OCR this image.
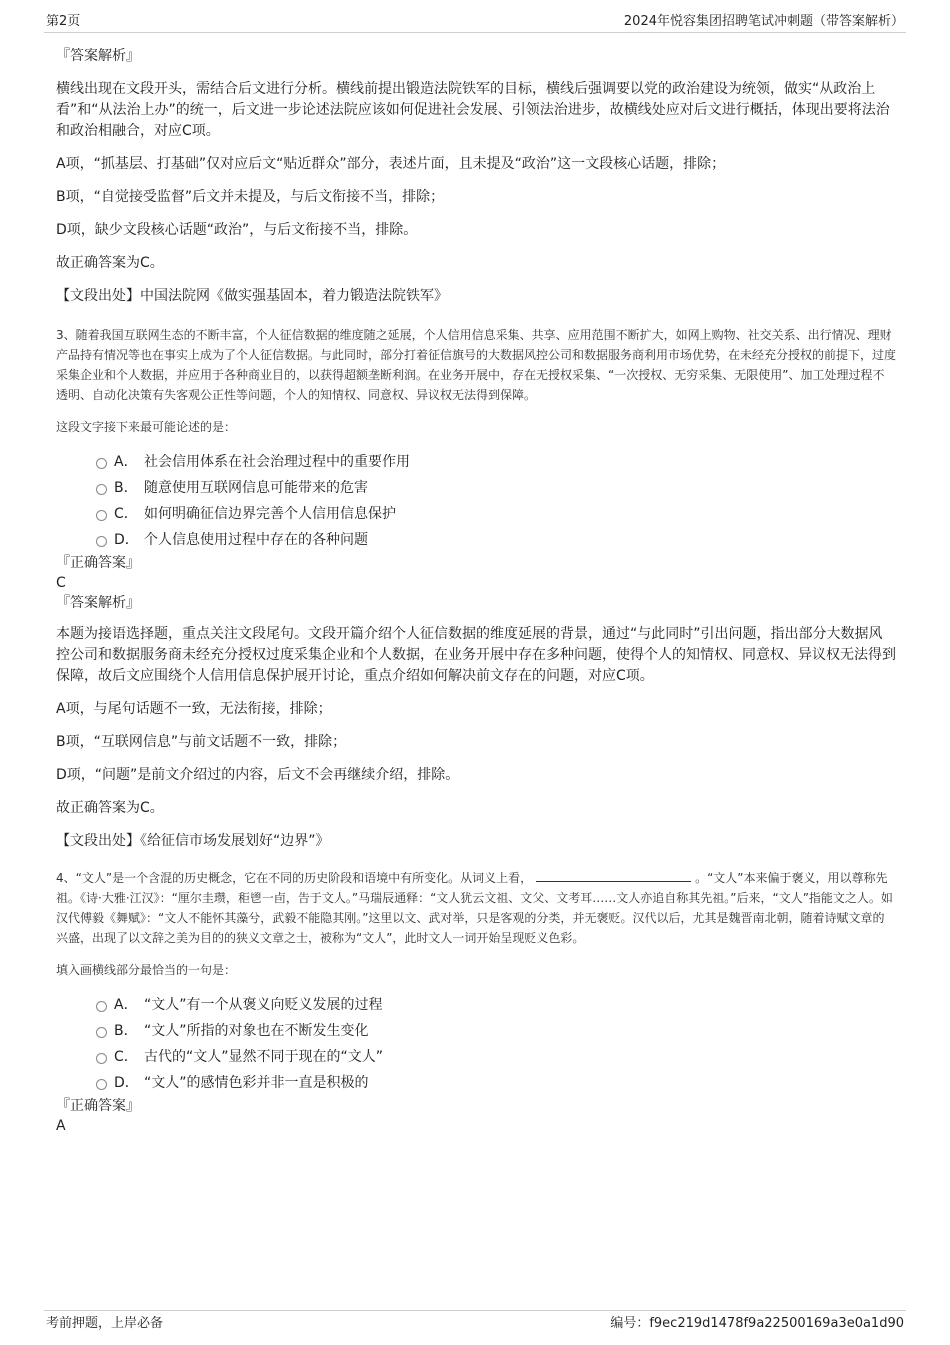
第2页	2024年悦容集团招聘笔试冲刺题（带答案解析）

『答案解析』

横线出现在文段开头，需结合后文进行分析。横线前提出锻造法院铁军的目标，横线后强调要以党的政治建设为统领，做实“从政治上看”和“从法治上办”的统一，后文进一步论述法院应该如何促进社会发展、引领法治进步，故横线处应对后文进行概括，体现出要将法治和政治相融合，对应C项。

A项，“抓基层、打基础”仅对应后文“贴近群众”部分，表述片面，且未提及“政治”这一文段核心话题，排除；

B项，“自觉接受监督”后文并未提及，与后文衔接不当，排除；

D项，缺少文段核心话题“政治”，与后文衔接不当，排除。

故正确答案为C。

【文段出处】中国法院网《做实强基固本，着力锻造法院铁军》

3、随着我国互联网生态的不断丰富，个人征信数据的维度随之延展，个人信用信息采集、共享、应用范围不断扩大，如网上购物、社交关系、出行情况、理财产品持有情况等也在事实上成为了个人征信数据。与此同时，部分打着征信旗号的大数据风控公司和数据服务商利用市场优势，在未经充分授权的前提下，过度采集企业和个人数据，并应用于各种商业目的，以获得超额垄断利润。在业务开展中，存在无授权采集、“一次授权、无穷采集、无限使用”、加工处理过程不透明、自动化决策有失客观公正性等问题，个人的知情权、同意权、异议权无法得到保障。

这段文字接下来最可能论述的是：

A． 社会信用体系在社会治理过程中的重要作用
B． 随意使用互联网信息可能带来的危害
C． 如何明确征信边界完善个人信用信息保护
D． 个人信息使用过程中存在的各种问题

『正确答案』

C

『答案解析』

本题为接语选择题，重点关注文段尾句。文段开篇介绍个人征信数据的维度延展的背景，通过“与此同时”引出问题，指出部分大数据风控公司和数据服务商未经充分授权过度采集企业和个人数据，在业务开展中存在多种问题，使得个人的知情权、同意权、异议权无法得到保障，故后文应围绕个人信用信息保护展开讨论，重点介绍如何解决前文存在的问题，对应C项。

A项，与尾句话题不一致，无法衔接，排除；

B项，“互联网信息”与前文话题不一致，排除；

D项，“问题”是前文介绍过的内容，后文不会再继续介绍，排除。

故正确答案为C。

【文段出处】《给征信市场发展划好“边界”》

4、“文人”是一个含混的历史概念，它在不同的历史阶段和语境中有所变化。从词义上看，	。“文人”本来偏于褒义，用以尊称先祖。《诗·大雅·江汉》：“厘尔圭瓒，秬鬯一卣，告于文人。”马瑞辰通释：“文人犹云文祖、文父、文考耳……文人亦追自称其先祖。”后来，“文人”指能文之人。如汉代傅毅《舞赋》：“文人不能怀其藻兮，武毅不能隐其刚。”这里以文、武对举，只是客观的分类，并无褒贬。汉代以后，尤其是魏晋南北朝，随着诗赋文章的兴盛，出现了以文辞之美为目的的狭义文章之士，被称为“文人”，此时文人一词开始呈现贬义色彩。

填入画横线部分最恰当的一句是：

A． “文人”有一个从褒义向贬义发展的过程
B． “文人”所指的对象也在不断发生变化
C． 古代的“文人”显然不同于现在的“文人”
D． “文人”的感情色彩并非一直是积极的

『正确答案』

A

考前押题，上岸必备	编号：f9ec219d1478f9a22500169a3e0a1d90
